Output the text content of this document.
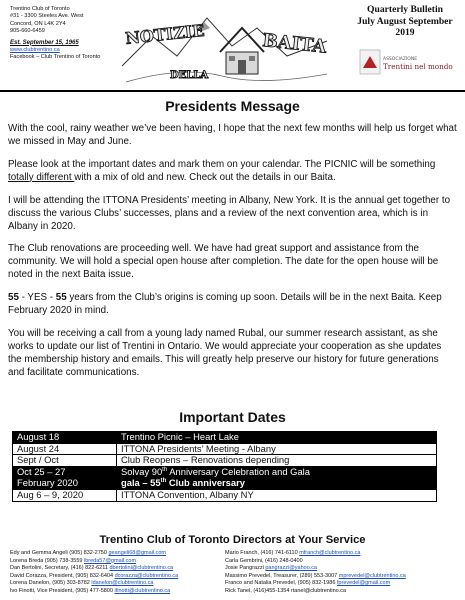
Trentino Club of Toronto
#31 - 3300 Steeles Ave. West
Concord, ON L4K 2Y4
905-660-6459
Est. September 15, 1965
www.clubtrentino.ca
Facebook – Club Trentino of Toronto
NOTIZIE
DELLA
BAITA
Quarterly Bulletin
July August September
2019
ASSOCIAZIONE
Trentini nel mondo
Presidents Message

With the cool, rainy weather we’ve been having, I hope that the next few months will help us forget what we missed in May and June.

Please look at the important dates and mark them on your calendar. The PICNIC will be something totally different with a mix of old and new. Check out the details in our Baita.

I will be attending the ITTONA Presidents’ meeting in Albany, New York. It is the annual get together to discuss the various Clubs’ successes, plans and a review of the next convention area, which is in Albany in 2020.

The Club renovations are proceeding well. We have had great support and assistance from the community. We will hold a special open house after completion. The date for the open house will be noted in the next Baita issue.

55 - YES - 55 years from the Club’s origins is coming up soon. Details will be in the next Baita. Keep February 2020 in mind.

You will be receiving a call from a young lady named Rubal, our summer research assistant, as she works to update our list of Trentini in Ontario. We would appreciate your cooperation as she updates the membership history and emails. This will greatly help preserve our history for future generations and facilitate communications.

Important Dates
August 18	Trentino Picnic – Heart Lake
August 24	ITTONA Presidents’ Meeting - Albany
Sept / Oct	Club Reopens – Renovations depending
Oct 25 – 27	Solvay 90th Anniversary Celebration and Gala
February 2020	gala – 55th Club anniversary
Aug 6 – 9, 2020	ITTONA Convention, Albany NY
Trentino Club of Toronto Directors at Your Service
Edy and Gemma Angeli (905) 832-2750 geangeli68@gmail.com
Lorena Breda (905) 738-3559 lbreda57@gmail.com
Dan Bertolini, Secretary, (416) 822-6211 dbertolini@clubtrentino.ca
David Corazza, President, (905) 832-6404 dcorazza@clubtrentino.ca
Lorena Danelon, (905) 303-8782 ldanelon@clubtrentino.ca
Ivo Finotti, Vice President, (905) 477-5800 ifinotti@clubtrentino.ca
Mario Franch, (416) 741-6110 mfranch@clubtrentino.ca
Carla Gembrini, (416) 248-0400
Josie Pangrazzi pangrazzi@yahoo.ca
Massimo Prevedel, Treasurer, (289) 553-3007 mprevedel@clubtrentino.ca
Franco and Natalia Prevedel, (905) 832-1986 fprevedel@gmail.com
Rick Tanel, (416)455-1354 rtanel@clubtrentino.ca
